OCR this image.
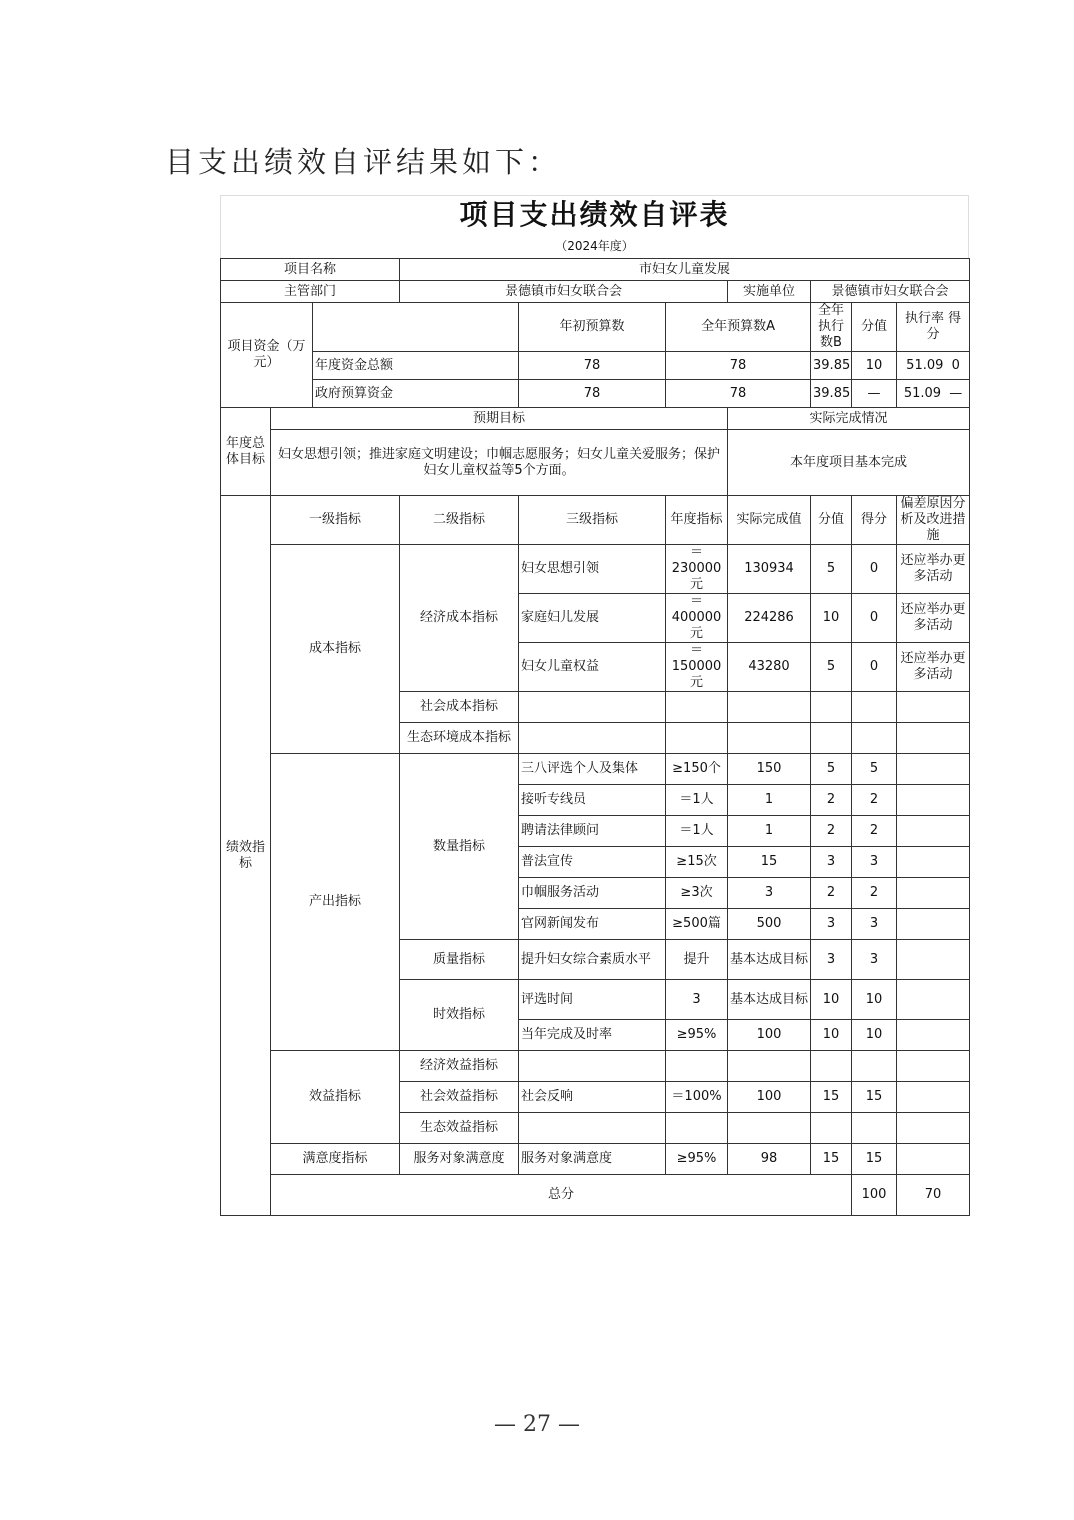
目支出绩效自评结果如下：
项目支出绩效自评表
（2024年度）
项目名称			市妇女儿童发展							
主管部门			景德镇市妇女联合会			实施单位	景德镇市妇女联合会			
项目资金（万元）				年初预算数	全年预算数A		全年执行数B	分值	执行率 得分	
		年度资金总额		78	78		39.85	10	51.09 0	
		政府预算资金		78	78		39.85	—	51.09 —	
年度总体目标	预期目标					实际完成情况				
	妇女思想引领；推进家庭文明建设；巾帼志愿服务；妇女儿童关爱服务；保护妇女儿童权益等5个方面。					本年度项目基本完成				
绩效指标	一级指标		二级指标	三级指标	年度指标	实际完成值	分值	得分	偏差原因分析及改进措施	
	成本指标		经济成本指标	妇女思想引领	＝230000元	130934	5	0	还应举办更多活动	
				家庭妇儿发展	＝400000元	224286	10	0	还应举办更多活动	
				妇女儿童权益	＝150000元	43280	5	0	还应举办更多活动	
			社会成本指标							
			生态环境成本指标							
	产出指标		数量指标	三八评选个人及集体	≥150个	150	5	5		
				接听专线员	＝1人	1	2	2		
				聘请法律顾问	＝1人	1	2	2		
				普法宣传	≥15次	15	3	3		
				巾帼服务活动	≥3次	3	2	2		
				官网新闻发布	≥500篇	500	3	3		
			质量指标	提升妇女综合素质水平	提升	基本达成目标	3	3		
			时效指标	评选时间	3	基本达成目标	10	10		
				当年完成及时率	≥95%	100	10	10		
	效益指标		经济效益指标							
			社会效益指标	社会反响	＝100%	100	15	15		
			生态效益指标							
	满意度指标		服务对象满意度	服务对象满意度	≥95%	98	15	15		
	总分							100	70	
— 27 —
